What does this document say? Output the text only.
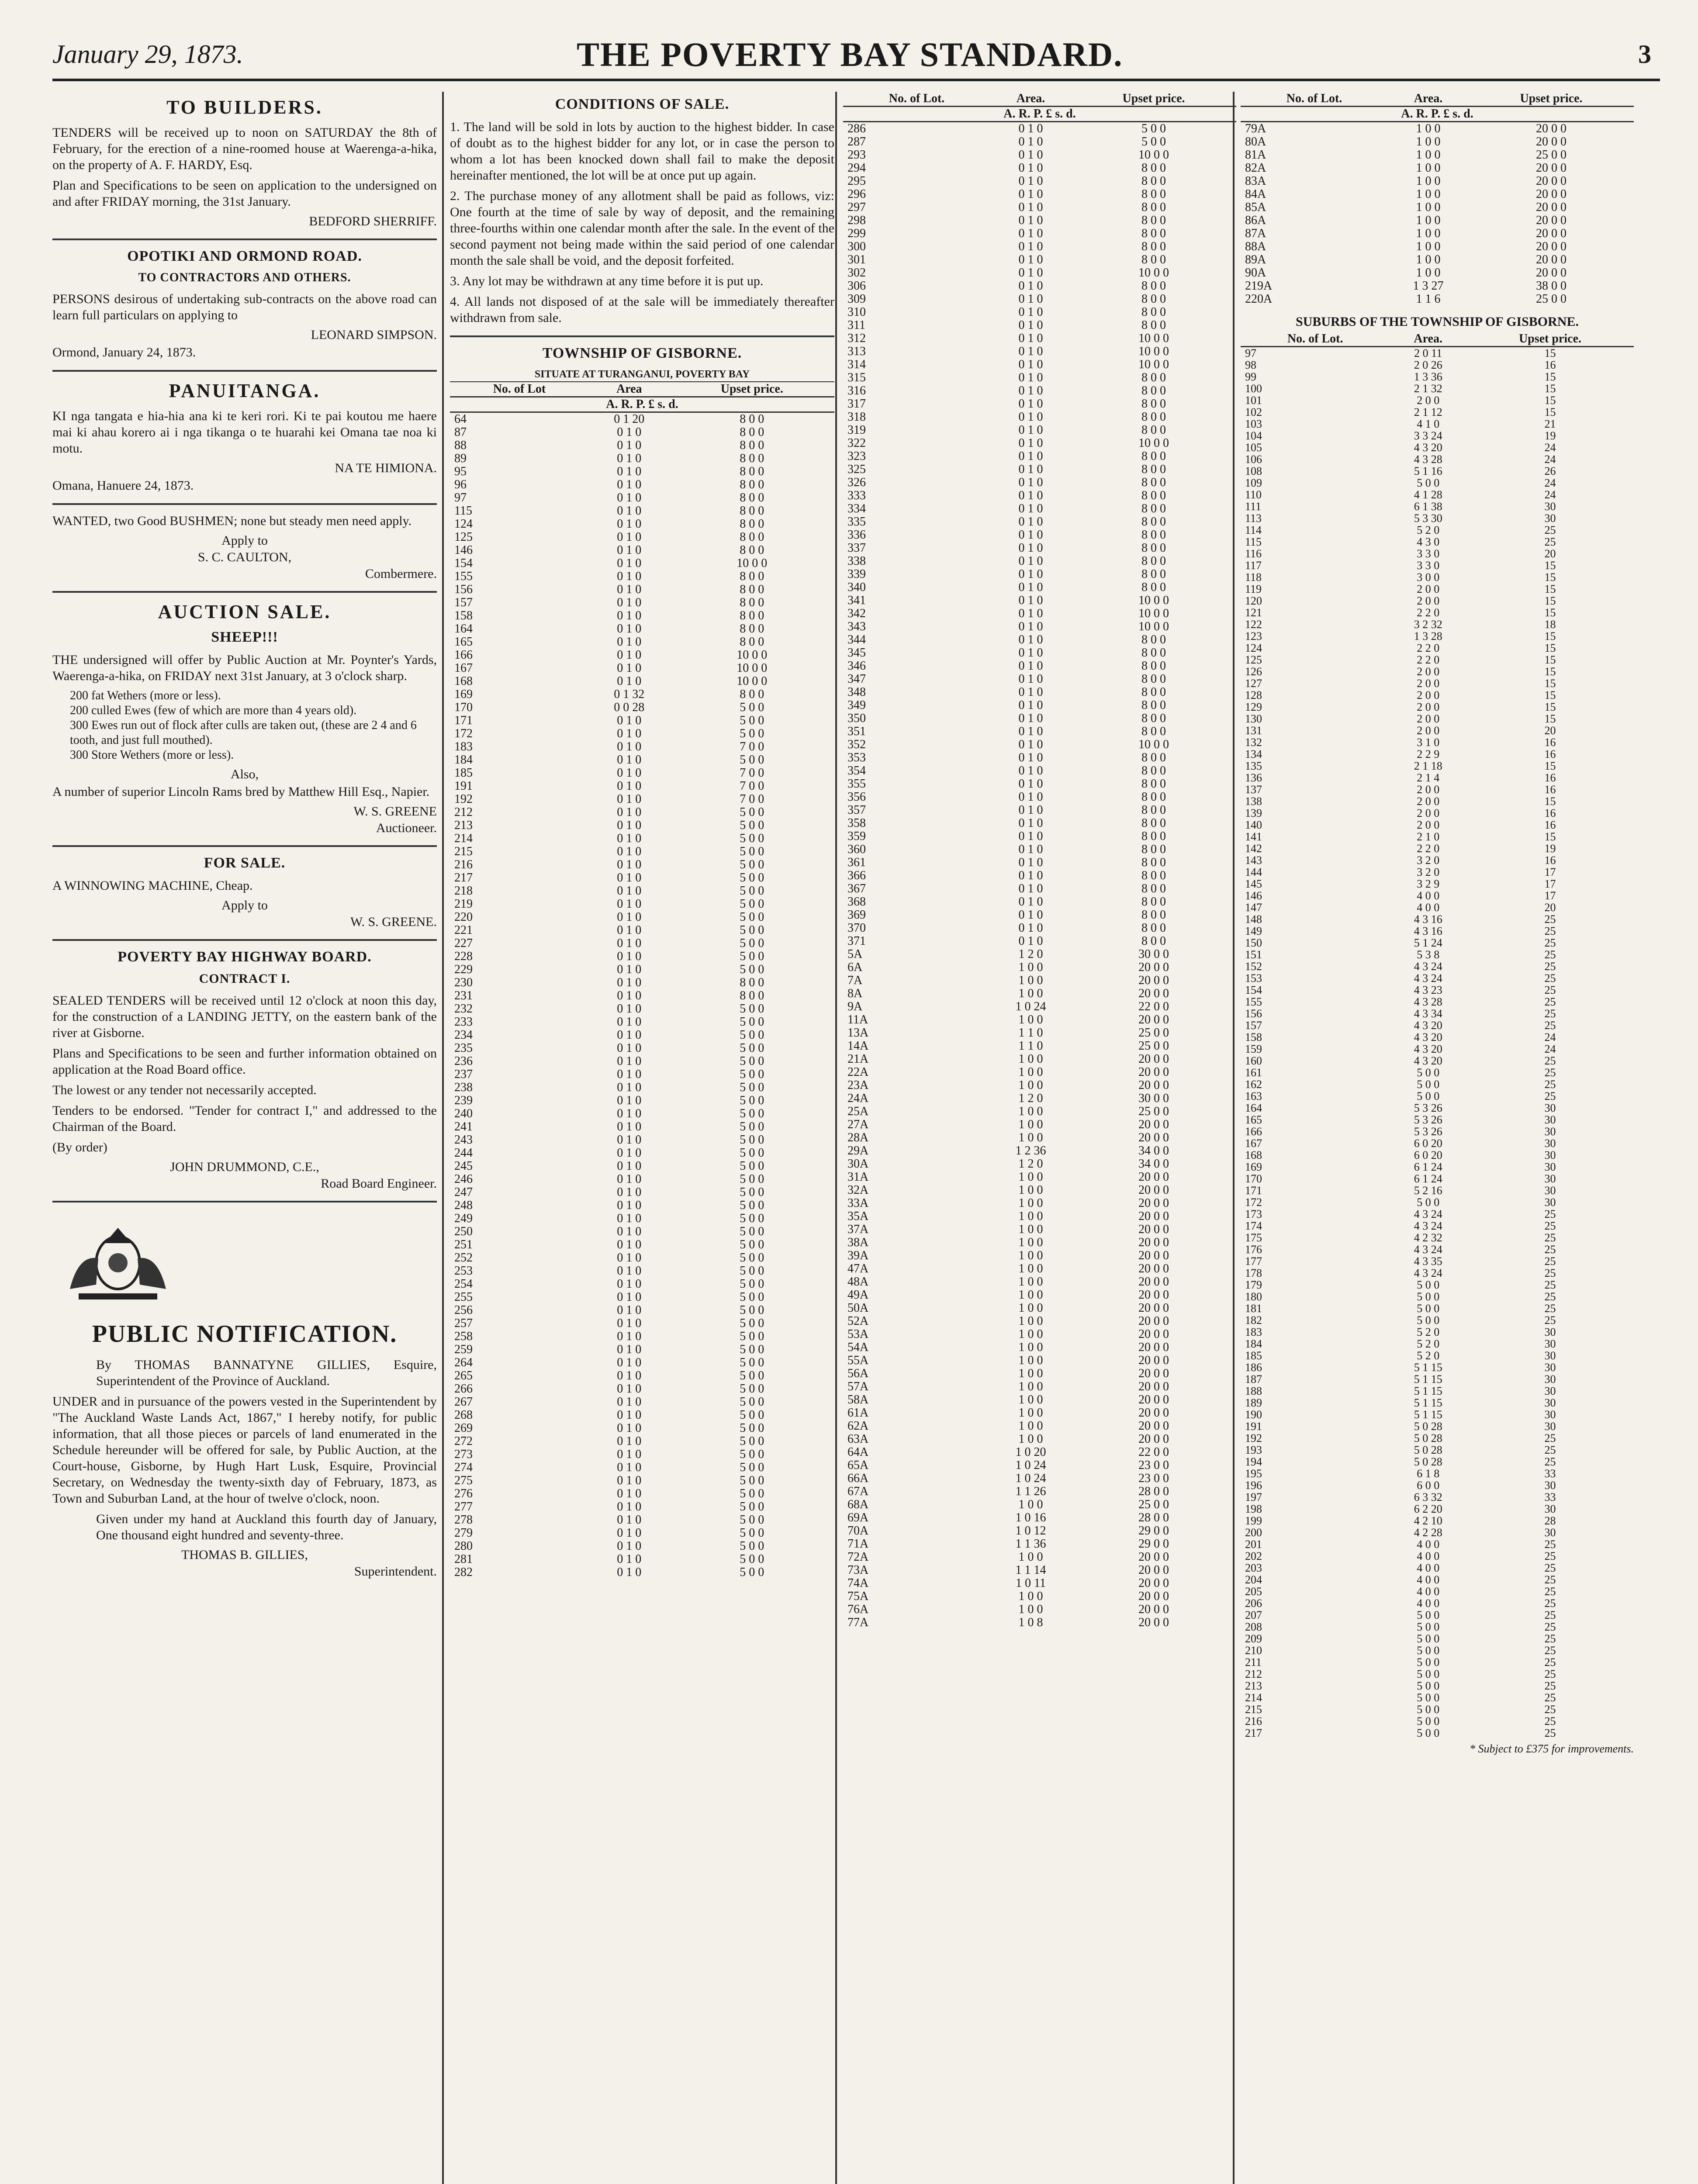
January 29, 1873.	THE POVERTY BAY STANDARD.	3
TO BUILDERS.

TENDERS will be received up to noon on SATURDAY the 8th of February, for the erection of a nine-roomed house at Waerenga-a-hika, on the property of A. F. HARDY, Esq.

Plan and Specifications to be seen on application to the undersigned on and after FRIDAY morning, the 31st January.

BEDFORD SHERRIFF.
OPOTIKI AND ORMOND ROAD.
TO CONTRACTORS AND OTHERS.

PERSONS desirous of undertaking sub-contracts on the above road can learn full particulars on applying to

LEONARD SIMPSON.

Ormond, January 24, 1873.

PANUITANGA.

KI nga tangata e hia-hia ana ki te keri rori. Ki te pai koutou me haere mai ki ahau korero ai i nga tikanga o te huarahi kei Omana tae noa ki motu.

NA TE HIMIONA.

Omana, Hanuere 24, 1873.

WANTED, two Good BUSHMEN; none but steady men need apply.

Apply to
S. C. CAULTON,
Combermere.
AUCTION SALE.
SHEEP!!!

THE undersigned will offer by Public Auction at Mr. Poynter's Yards, Waerenga-a-hika, on FRIDAY next 31st January, at 3 o'clock sharp.

200 fat Wethers (more or less).
200 culled Ewes (few of which are more than 4 years old).
300 Ewes run out of flock after culls are taken out, (these are 2 4 and 6 tooth, and just full mouthed).
300 Store Wethers (more or less).
Also,

A number of superior Lincoln Rams bred by Matthew Hill Esq., Napier.

W. S. GREENE
Auctioneer.
FOR SALE.

A WINNOWING MACHINE, Cheap.

Apply to
W. S. GREENE.
POVERTY BAY HIGHWAY BOARD.
CONTRACT I.

SEALED TENDERS will be received until 12 o'clock at noon this day, for the construction of a LANDING JETTY, on the eastern bank of the river at Gisborne.

Plans and Specifications to be seen and further information obtained on application at the Road Board office.

The lowest or any tender not necessarily accepted.

Tenders to be endorsed. "Tender for contract I," and addressed to the Chairman of the Board.

(By order)

JOHN DRUMMOND, C.E.,
Road Board Engineer.
PUBLIC NOTIFICATION.

By THOMAS BANNATYNE GILLIES, Esquire, Superintendent of the Province of Auckland.

UNDER and in pursuance of the powers vested in the Superintendent by "The Auckland Waste Lands Act, 1867," I hereby notify, for public information, that all those pieces or parcels of land enumerated in the Schedule hereunder will be offered for sale, by Public Auction, at the Court-house, Gisborne, by Hugh Hart Lusk, Esquire, Provincial Secretary, on Wednesday the twenty-sixth day of February, 1873, as Town and Suburban Land, at the hour of twelve o'clock, noon.

Given under my hand at Auckland this fourth day of January, One thousand eight hundred and seventy-three.

THOMAS B. GILLIES,
Superintendent.
CONDITIONS OF SALE.

1. The land will be sold in lots by auction to the highest bidder. In case of doubt as to the highest bidder for any lot, or in case the person to whom a lot has been knocked down shall fail to make the deposit hereinafter mentioned, the lot will be at once put up again.

2. The purchase money of any allotment shall be paid as follows, viz: One fourth at the time of sale by way of deposit, and the remaining three-fourths within one calendar month after the sale. In the event of the second payment not being made within the said period of one calendar month the sale shall be void, and the deposit forfeited.

3. Any lot may be withdrawn at any time before it is put up.

4. All lands not disposed of at the sale will be immediately thereafter withdrawn from sale.

TOWNSHIP OF GISBORNE.
SITUATE AT TURANGANUI, POVERTY BAY
No. of Lot	Area	Upset price.
A. R. P. £ s. d.		
64	0 1 20	8 0 0
87	0 1 0	8 0 0
88	0 1 0	8 0 0
89	0 1 0	8 0 0
95	0 1 0	8 0 0
96	0 1 0	8 0 0
97	0 1 0	8 0 0
115	0 1 0	8 0 0
124	0 1 0	8 0 0
125	0 1 0	8 0 0
146	0 1 0	8 0 0
154	0 1 0	10 0 0
155	0 1 0	8 0 0
156	0 1 0	8 0 0
157	0 1 0	8 0 0
158	0 1 0	8 0 0
164	0 1 0	8 0 0
165	0 1 0	8 0 0
166	0 1 0	10 0 0
167	0 1 0	10 0 0
168	0 1 0	10 0 0
169	0 1 32	8 0 0
170	0 0 28	5 0 0
171	0 1 0	5 0 0
172	0 1 0	5 0 0
183	0 1 0	7 0 0
184	0 1 0	5 0 0
185	0 1 0	7 0 0
191	0 1 0	7 0 0
192	0 1 0	7 0 0
212	0 1 0	5 0 0
213	0 1 0	5 0 0
214	0 1 0	5 0 0
215	0 1 0	5 0 0
216	0 1 0	5 0 0
217	0 1 0	5 0 0
218	0 1 0	5 0 0
219	0 1 0	5 0 0
220	0 1 0	5 0 0
221	0 1 0	5 0 0
227	0 1 0	5 0 0
228	0 1 0	5 0 0
229	0 1 0	5 0 0
230	0 1 0	8 0 0
231	0 1 0	8 0 0
232	0 1 0	5 0 0
233	0 1 0	5 0 0
234	0 1 0	5 0 0
235	0 1 0	5 0 0
236	0 1 0	5 0 0
237	0 1 0	5 0 0
238	0 1 0	5 0 0
239	0 1 0	5 0 0
240	0 1 0	5 0 0
241	0 1 0	5 0 0
243	0 1 0	5 0 0
244	0 1 0	5 0 0
245	0 1 0	5 0 0
246	0 1 0	5 0 0
247	0 1 0	5 0 0
248	0 1 0	5 0 0
249	0 1 0	5 0 0
250	0 1 0	5 0 0
251	0 1 0	5 0 0
252	0 1 0	5 0 0
253	0 1 0	5 0 0
254	0 1 0	5 0 0
255	0 1 0	5 0 0
256	0 1 0	5 0 0
257	0 1 0	5 0 0
258	0 1 0	5 0 0
259	0 1 0	5 0 0
264	0 1 0	5 0 0
265	0 1 0	5 0 0
266	0 1 0	5 0 0
267	0 1 0	5 0 0
268	0 1 0	5 0 0
269	0 1 0	5 0 0
272	0 1 0	5 0 0
273	0 1 0	5 0 0
274	0 1 0	5 0 0
275	0 1 0	5 0 0
276	0 1 0	5 0 0
277	0 1 0	5 0 0
278	0 1 0	5 0 0
279	0 1 0	5 0 0
280	0 1 0	5 0 0
281	0 1 0	5 0 0
282	0 1 0	5 0 0
No. of Lot.	Area.	Upset price.
A. R. P. £ s. d.		
286	0 1 0	5 0 0
287	0 1 0	5 0 0
293	0 1 0	10 0 0
294	0 1 0	8 0 0
295	0 1 0	8 0 0
296	0 1 0	8 0 0
297	0 1 0	8 0 0
298	0 1 0	8 0 0
299	0 1 0	8 0 0
300	0 1 0	8 0 0
301	0 1 0	8 0 0
302	0 1 0	10 0 0
306	0 1 0	8 0 0
309	0 1 0	8 0 0
310	0 1 0	8 0 0
311	0 1 0	8 0 0
312	0 1 0	10 0 0
313	0 1 0	10 0 0
314	0 1 0	10 0 0
315	0 1 0	8 0 0
316	0 1 0	8 0 0
317	0 1 0	8 0 0
318	0 1 0	8 0 0
319	0 1 0	8 0 0
322	0 1 0	10 0 0
323	0 1 0	8 0 0
325	0 1 0	8 0 0
326	0 1 0	8 0 0
333	0 1 0	8 0 0
334	0 1 0	8 0 0
335	0 1 0	8 0 0
336	0 1 0	8 0 0
337	0 1 0	8 0 0
338	0 1 0	8 0 0
339	0 1 0	8 0 0
340	0 1 0	8 0 0
341	0 1 0	10 0 0
342	0 1 0	10 0 0
343	0 1 0	10 0 0
344	0 1 0	8 0 0
345	0 1 0	8 0 0
346	0 1 0	8 0 0
347	0 1 0	8 0 0
348	0 1 0	8 0 0
349	0 1 0	8 0 0
350	0 1 0	8 0 0
351	0 1 0	8 0 0
352	0 1 0	10 0 0
353	0 1 0	8 0 0
354	0 1 0	8 0 0
355	0 1 0	8 0 0
356	0 1 0	8 0 0
357	0 1 0	8 0 0
358	0 1 0	8 0 0
359	0 1 0	8 0 0
360	0 1 0	8 0 0
361	0 1 0	8 0 0
366	0 1 0	8 0 0
367	0 1 0	8 0 0
368	0 1 0	8 0 0
369	0 1 0	8 0 0
370	0 1 0	8 0 0
371	0 1 0	8 0 0
5A	1 2 0	30 0 0
6A	1 0 0	20 0 0
7A	1 0 0	20 0 0
8A	1 0 0	20 0 0
9A	1 0 24	22 0 0
11A	1 0 0	20 0 0
13A	1 1 0	25 0 0
14A	1 1 0	25 0 0
21A	1 0 0	20 0 0
22A	1 0 0	20 0 0
23A	1 0 0	20 0 0
24A	1 2 0	30 0 0
25A	1 0 0	25 0 0
27A	1 0 0	20 0 0
28A	1 0 0	20 0 0
29A	1 2 36	34 0 0
30A	1 2 0	34 0 0
31A	1 0 0	20 0 0
32A	1 0 0	20 0 0
33A	1 0 0	20 0 0
35A	1 0 0	20 0 0
37A	1 0 0	20 0 0
38A	1 0 0	20 0 0
39A	1 0 0	20 0 0
47A	1 0 0	20 0 0
48A	1 0 0	20 0 0
49A	1 0 0	20 0 0
50A	1 0 0	20 0 0
52A	1 0 0	20 0 0
53A	1 0 0	20 0 0
54A	1 0 0	20 0 0
55A	1 0 0	20 0 0
56A	1 0 0	20 0 0
57A	1 0 0	20 0 0
58A	1 0 0	20 0 0
61A	1 0 0	20 0 0
62A	1 0 0	20 0 0
63A	1 0 0	20 0 0
64A	1 0 20	22 0 0
65A	1 0 24	23 0 0
66A	1 0 24	23 0 0
67A	1 1 26	28 0 0
68A	1 0 0	25 0 0
69A	1 0 16	28 0 0
70A	1 0 12	29 0 0
71A	1 1 36	29 0 0
72A	1 0 0	20 0 0
73A	1 1 14	20 0 0
74A	1 0 11	20 0 0
75A	1 0 0	20 0 0
76A	1 0 0	20 0 0
77A	1 0 8	20 0 0
No. of Lot.	Area.	Upset price.
A. R. P. £ s. d.		
79A	1 0 0	20 0 0
80A	1 0 0	20 0 0
81A	1 0 0	25 0 0
82A	1 0 0	20 0 0
83A	1 0 0	20 0 0
84A	1 0 0	20 0 0
85A	1 0 0	20 0 0
86A	1 0 0	20 0 0
87A	1 0 0	20 0 0
88A	1 0 0	20 0 0
89A	1 0 0	20 0 0
90A	1 0 0	20 0 0
219A	1 3 27	38 0 0
220A	1 1 6	25 0 0
SUBURBS OF THE TOWNSHIP OF GISBORNE.
No. of Lot.	Area.	Upset price.
97	2 0 11	15
98	2 0 26	16
99	1 3 36	15
100	2 1 32	15
101	2 0 0	15
102	2 1 12	15
103	4 1 0	21
104	3 3 24	19
105	4 3 20	24
106	4 3 28	24
108	5 1 16	26
109	5 0 0	24
110	4 1 28	24
111	6 1 38	30
113	5 3 30	30
114	5 2 0	25
115	4 3 0	25
116	3 3 0	20
117	3 3 0	15
118	3 0 0	15
119	2 0 0	15
120	2 0 0	15
121	2 2 0	15
122	3 2 32	18
123	1 3 28	15
124	2 2 0	15
125	2 2 0	15
126	2 0 0	15
127	2 0 0	15
128	2 0 0	15
129	2 0 0	15
130	2 0 0	15
131	2 0 0	20
132	3 1 0	16
134	2 2 9	16
135	2 1 18	15
136	2 1 4	16
137	2 0 0	16
138	2 0 0	15
139	2 0 0	16
140	2 0 0	16
141	2 1 0	15
142	2 2 0	19
143	3 2 0	16
144	3 2 0	17
145	3 2 9	17
146	4 0 0	17
147	4 0 0	20
148	4 3 16	25
149	4 3 16	25
150	5 1 24	25
151	5 3 8	25
152	4 3 24	25
153	4 3 24	25
154	4 3 23	25
155	4 3 28	25
156	4 3 34	25
157	4 3 20	25
158	4 3 20	24
159	4 3 20	24
160	4 3 20	25
161	5 0 0	25
162	5 0 0	25
163	5 0 0	25
164	5 3 26	30
165	5 3 26	30
166	5 3 26	30
167	6 0 20	30
168	6 0 20	30
169	6 1 24	30
170	6 1 24	30
171	5 2 16	30
172	5 0 0	30
173	4 3 24	25
174	4 3 24	25
175	4 2 32	25
176	4 3 24	25
177	4 3 35	25
178	4 3 24	25
179	5 0 0	25
180	5 0 0	25
181	5 0 0	25
182	5 0 0	25
183	5 2 0	30
184	5 2 0	30
185	5 2 0	30
186	5 1 15	30
187	5 1 15	30
188	5 1 15	30
189	5 1 15	30
190	5 1 15	30
191	5 0 28	30
192	5 0 28	25
193	5 0 28	25
194	5 0 28	25
195	6 1 8	33
196	6 0 0	30
197	6 3 32	33
198	6 2 20	30
199	4 2 10	28
200	4 2 28	30
201	4 0 0	25
202	4 0 0	25
203	4 0 0	25
204	4 0 0	25
205	4 0 0	25
206	4 0 0	25
207	5 0 0	25
208	5 0 0	25
209	5 0 0	25
210	5 0 0	25
211	5 0 0	25
212	5 0 0	25
213	5 0 0	25
214	5 0 0	25
215	5 0 0	25
216	5 0 0	25
217	5 0 0	25
* Subject to £375 for improvements.
